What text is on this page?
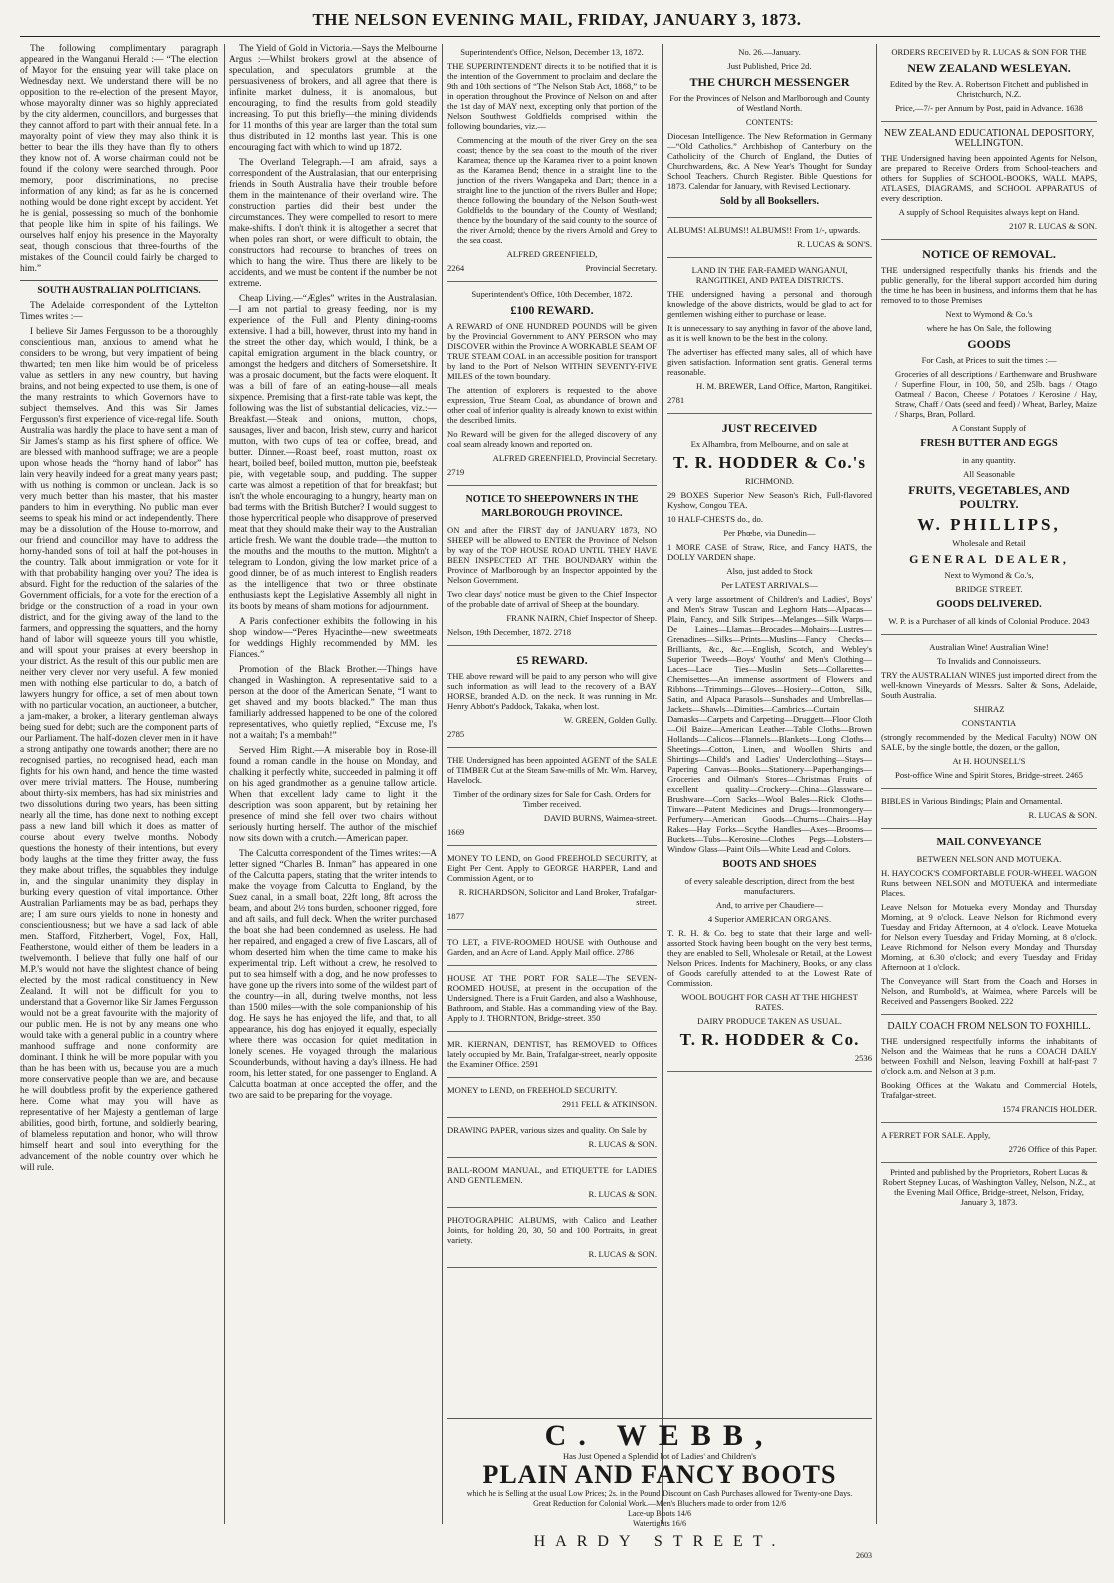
THE NELSON EVENING MAIL, FRIDAY, JANUARY 3, 1873.

The following complimentary paragraph appeared in the Wanganui Herald :— “The election of Mayor for the ensuing year will take place on Wednesday next. We understand there will be no opposition to the re-election of the present Mayor, whose mayoralty dinner was so highly appreciated by the city aldermen, councillors, and burgesses that they cannot afford to part with their annual fete. In a mayoralty point of view they may also think it is better to bear the ills they have than fly to others they know not of. A worse chairman could not be found if the colony were searched through. Poor memory, poor discriminations, no precise information of any kind; as far as he is concerned nothing would be done right except by accident. Yet he is genial, possessing so much of the bonhomie that people like him in spite of his failings. We ourselves half enjoy his presence in the Mayoralty seat, though conscious that three-fourths of the mistakes of the Council could fairly be charged to him.”

SOUTH AUSTRALIAN POLITICIANS.

The Adelaide correspondent of the Lyttelton Times writes :—

I believe Sir James Fergusson to be a thoroughly conscientious man, anxious to amend what he considers to be wrong, but very impatient of being thwarted; ten men like him would be of priceless value as settlers in any new country, but having brains, and not being expected to use them, is one of the many restraints to which Governors have to subject themselves. And this was Sir James Fergusson's first experience of vice-regal life. South Australia was hardly the place to have sent a man of Sir James's stamp as his first sphere of office. We are blessed with manhood suffrage; we are a people upon whose heads the “horny hand of labor” has lain very heavily indeed for a great many years past; with us nothing is common or unclean. Jack is so very much better than his master, that his master panders to him in everything. No public man ever seems to speak his mind or act independently. There may be a dissolution of the House to-morrow, and our friend and councillor may have to address the horny-handed sons of toil at half the pot-houses in the country. Talk about immigration or vote for it with that probability hanging over you? The idea is absurd. Fight for the reduction of the salaries of the Government officials, for a vote for the erection of a bridge or the construction of a road in your own district, and for the giving away of the land to the farmers, and oppressing the squatters, and the horny hand of labor will squeeze yours till you whistle, and will spout your praises at every beershop in your district. As the result of this our public men are neither very clever nor very useful. A few monied men with nothing else particular to do, a batch of lawyers hungry for office, a set of men about town with no particular vocation, an auctioneer, a butcher, a jam-maker, a broker, a literary gentleman always being sued for debt; such are the component parts of our Parliament. The half-dozen clever men in it have a strong antipathy one towards another; there are no recognised parties, no recognised head, each man fights for his own hand, and hence the time wasted over mere trivial matters. The House, numbering about thirty-six members, has had six ministries and two dissolutions during two years, has been sitting nearly all the time, has done next to nothing except pass a new land bill which it does as matter of course about every twelve months. Nobody questions the honesty of their intentions, but every body laughs at the time they fritter away, the fuss they make about trifles, the squabbles they indulge in, and the singular unanimity they display in burking every question of vital importance. Other Australian Parliaments may be as bad, perhaps they are; I am sure ours yields to none in honesty and conscientiousness; but we have a sad lack of able men. Stafford, Fitzherbert, Vogel, Fox, Hall, Featherstone, would either of them be leaders in a twelvemonth. I believe that fully one half of our M.P.'s would not have the slightest chance of being elected by the most radical constituency in New Zealand. It will not be difficult for you to understand that a Governor like Sir James Fergusson would not be a great favourite with the majority of our public men. He is not by any means one who would take with a general public in a country where manhood suffrage and none conformity are dominant. I think he will be more popular with you than he has been with us, because you are a much more conservative people than we are, and because he will doubtless profit by the experience gathered here. Come what may you will have as representative of her Majesty a gentleman of large abilities, good birth, fortune, and soldierly bearing, of blameless reputation and honor, who will throw himself heart and soul into everything for the advancement of the noble country over which he will rule.

The Yield of Gold in Victoria.—Says the Melbourne Argus :—Whilst brokers growl at the absence of speculation, and speculators grumble at the persuasiveness of brokers, and all agree that there is infinite market dulness, it is anomalous, but encouraging, to find the results from gold steadily increasing. To put this briefly—the mining dividends for 11 months of this year are larger than the total sum thus distributed in 12 months last year. This is one encouraging fact with which to wind up 1872.

The Overland Telegraph.—I am afraid, says a correspondent of the Australasian, that our enterprising friends in South Australia have their trouble before them in the maintenance of their overland wire. The construction parties did their best under the circumstances. They were compelled to resort to mere make-shifts. I don't think it is altogether a secret that when poles ran short, or were difficult to obtain, the constructors had recourse to branches of trees on which to hang the wire. Thus there are likely to be accidents, and we must be content if the number be not extreme.

Cheap Living.—“Ægles” writes in the Australasian.—I am not partial to greasy feeding, nor is my experience of the Full and Plenty dining-rooms extensive. I had a bill, however, thrust into my hand in the street the other day, which would, I think, be a capital emigration argument in the black country, or amongst the hedgers and ditchers of Somersetshire. It was a prosaic document, but the facts were eloquent. It was a bill of fare of an eating-house—all meals sixpence. Premising that a first-rate table was kept, the following was the list of substantial delicacies, viz.:—Breakfast.—Steak and onions, mutton, chops, sausages, liver and bacon, Irish stew, curry and haricot mutton, with two cups of tea or coffee, bread, and butter. Dinner.—Roast beef, roast mutton, roast ox heart, boiled beef, boiled mutton, mutton pie, beefsteak pie, with vegetable soup, and pudding. The supper carte was almost a repetition of that for breakfast; but isn't the whole encouraging to a hungry, hearty man on bad terms with the British Butcher? I would suggest to those hypercritical people who disapprove of preserved meat that they should make their way to the Australian article fresh. We want the double trade—the mutton to the mouths and the mouths to the mutton. Mightn't a telegram to London, giving the low market price of a good dinner, be of as much interest to English readers as the intelligence that two or three obstinate enthusiasts kept the Legislative Assembly all night in its boots by means of sham motions for adjournment.

A Paris confectioner exhibits the following in his shop window—“Peres Hyacinthe—new sweetmeats for weddings Highly recommended by MM. les Fiances.”

Promotion of the Black Brother.—Things have changed in Washington. A representative said to a person at the door of the American Senate, “I want to get shaved and my boots blacked.” The man thus familiarly addressed happened to be one of the colored representatives, who quietly replied, “Excuse me, I's not a waitah; I's a membah!”

Served Him Right.—A miserable boy in Rose-ill found a roman candle in the house on Monday, and chalking it perfectly white, succeeded in palming it off on his aged grandmother as a genuine tallow article. When that excellent lady came to light it the description was soon apparent, but by retaining her presence of mind she fell over two chairs without seriously hurting herself. The author of the mischief now sits down with a crutch.—American paper.

The Calcutta correspondent of the Times writes:—A letter signed “Charles B. Inman” has appeared in one of the Calcutta papers, stating that the writer intends to make the voyage from Calcutta to England, by the Suez canal, in a small boat, 22ft long, 8ft across the beam, and about 2½ tons burden, schooner rigged, fore and aft sails, and full deck. When the writer purchased the boat she had been condemned as useless. He had her repaired, and engaged a crew of five Lascars, all of whom deserted him when the time came to make his experimental trip. Left without a crew, he resolved to put to sea himself with a dog, and he now professes to have gone up the rivers into some of the wildest part of the country—in all, during twelve months, not less than 1500 miles—with the sole companionship of his dog. He says he has enjoyed the life, and that, to all appearance, his dog has enjoyed it equally, especially where there was occasion for quiet meditation in lonely scenes. He voyaged through the malarious Scounderbunds, without having a day's illness. He had room, his letter stated, for one passenger to England. A Calcutta boatman at once accepted the offer, and the two are said to be preparing for the voyage.

Superintendent's Office, Nelson, December 13, 1872.

THE SUPERINTENDENT directs it to be notified that it is the intention of the Government to proclaim and declare the 9th and 10th sections of “The Nelson Stab Act, 1868,” to be in operation throughout the Province of Nelson on and after the 1st day of MAY next, excepting only that portion of the Nelson Southwest Goldfields comprised within the following boundaries, viz.—

Commencing at the mouth of the river Grey on the sea coast; thence by the sea coast to the mouth of the river Karamea; thence up the Karamea river to a point known as the Karamea Bend; thence in a straight line to the junction of the rivers Wangapeka and Dart; thence in a straight line to the junction of the rivers Buller and Hope; thence following the boundary of the Nelson South-west Goldfields to the boundary of the County of Westland; thence by the boundary of the said county to the source of the river Arnold; thence by the rivers Arnold and Grey to the sea coast.

ALFRED GREENFIELD,

2264	Provincial Secretary.

Superintendent's Office, 10th December, 1872.

£100 REWARD.

A REWARD of ONE HUNDRED POUNDS will be given by the Provincial Government to ANY PERSON who may DISCOVER within the Province A WORKABLE SEAM OF TRUE STEAM COAL in an accessible position for transport by land to the Port of Nelson WITHIN SEVENTY-FIVE MILES of the town boundary.

The attention of explorers is requested to the above expression, True Steam Coal, as abundance of brown and other coal of inferior quality is already known to exist within the described limits.

No Reward will be given for the alleged discovery of any coal seam already known and reported on.

ALFRED GREENFIELD, Provincial Secretary.

2719

NOTICE TO SHEEPOWNERS IN THE MARLBOROUGH PROVINCE.

ON and after the FIRST day of JANUARY 1873, NO SHEEP will be allowed to ENTER the Province of Nelson by way of the TOP HOUSE ROAD UNTIL THEY HAVE BEEN INSPECTED AT THE BOUNDARY within the Province of Marlborough by an Inspector appointed by the Nelson Government.

Two clear days' notice must be given to the Chief Inspector of the probable date of arrival of Sheep at the boundary.

FRANK NAIRN, Chief Inspector of Sheep.

Nelson, 19th December, 1872. 2718

£5 REWARD.

THE above reward will be paid to any person who will give such information as will lead to the recovery of a BAY HORSE, branded A.D. on the neck. It was running in Mr. Henry Abbott's Paddock, Takaka, when lost.

W. GREEN, Golden Gully.

2785

THE Undersigned has been appointed AGENT of the SALE of TIMBER Cut at the Steam Saw-mills of Mr. Wm. Harvey, Havelock.

Timber of the ordinary sizes for Sale for Cash. Orders for Timber received.

DAVID BURNS, Waimea-street.

1669

MONEY TO LEND, on Good FREEHOLD SECURITY, at Eight Per Cent. Apply to GEORGE HARPER, Land and Commission Agent, or to

R. RICHARDSON, Solicitor and Land Broker, Trafalgar-street.

1877

TO LET, a FIVE-ROOMED HOUSE with Outhouse and Garden, and an Acre of Land. Apply Mail office. 2786

HOUSE AT THE PORT FOR SALE—The SEVEN-ROOMED HOUSE, at present in the occupation of the Undersigned. There is a Fruit Garden, and also a Washhouse, Bathroom, and Stable. Has a commanding view of the Bay. Apply to J. THORNTON, Bridge-street. 350

MR. KIERNAN, DENTIST, has REMOVED to Offices lately occupied by Mr. Bain, Trafalgar-street, nearly opposite the Examiner Office. 2591

MONEY to LEND, on FREEHOLD SECURITY.

2911 FELL & ATKINSON.

DRAWING PAPER, various sizes and quality. On Sale by

R. LUCAS & SON.

BALL-ROOM MANUAL, and ETIQUETTE for LADIES AND GENTLEMEN.

R. LUCAS & SON.

PHOTOGRAPHIC ALBUMS, with Calico and Leather Joints, for holding 20, 30, 50 and 100 Portraits, in great variety.

R. LUCAS & SON.

No. 26.—January.

Just Published, Price 2d.

THE CHURCH MESSENGER

For the Provinces of Nelson and Marlborough and County of Westland North.

CONTENTS:

Diocesan Intelligence. The New Reformation in Germany—“Old Catholics.” Archbishop of Canterbury on the Catholicity of the Church of England, the Duties of Churchwardens, &c. A New Year's Thought for Sunday School Teachers. Church Register. Bible Questions for 1873. Calendar for January, with Revised Lectionary.

Sold by all Booksellers.

ALBUMS! ALBUMS!! ALBUMS!! From 1/-, upwards.

R. LUCAS & SON'S.

LAND IN THE FAR-FAMED WANGANUI, RANGITIKEI, AND PATEA DISTRICTS.

THE undersigned having a personal and thorough knowledge of the above districts, would be glad to act for gentlemen wishing either to purchase or lease.

It is unnecessary to say anything in favor of the above land, as it is well known to be the best in the colony.

The advertiser has effected many sales, all of which have given satisfaction. Information sent gratis. General terms reasonable.

H. M. BREWER, Land Office, Marton, Rangitikei.

2781

JUST RECEIVED

Ex Alhambra, from Melbourne, and on sale at

T. R. HODDER & Co.'s

RICHMOND.

29 BOXES Superior New Season's Rich, Full-flavored Kyshow, Congou TEA.

10 HALF-CHESTS do., do.

Per Phœbe, via Dunedin—

1 MORE CASE of Straw, Rice, and Fancy HATS, the DOLLY VARDEN shape.

Also, just added to Stock

Per LATEST ARRIVALS—

A very large assortment of Children's and Ladies', Boys' and Men's Straw Tuscan and Leghorn Hats—Alpacas—Plain, Fancy, and Silk Stripes—Melanges—Silk Warps—De Laines—Llamas—Brocades—Mohairs—Lustres—Grenadines—Silks—Prints—Muslins—Fancy Checks—Brilliants, &c., &c.—English, Scotch, and Webley's Superior Tweeds—Boys' Youths' and Men's Clothing—Laces—Lace Ties—Muslin Sets—Collarettes—Chemisettes—An immense assortment of Flowers and Ribbons—Trimmings—Gloves—Hosiery—Cotton, Silk, Satin, and Alpaca Parasols—Sunshades and Umbrellas—Jackets—Shawls—Dimities—Cambrics—Curtain Damasks—Carpets and Carpeting—Druggett—Floor Cloth—Oil Baize—American Leather—Table Cloths—Brown Hollands—Calicos—Flannels—Blankets—Long Cloths—Sheetings—Cotton, Linen, and Woollen Shirts and Shirtings—Child's and Ladies' Underclothing—Stays—Papering Canvas—Books—Stationery—Paperhangings—Groceries and Oilman's Stores—Christmas Fruits of excellent quality—Crockery—China—Glassware—Brushware—Corn Sacks—Wool Bales—Rick Cloths—Tinware—Patent Medicines and Drugs—Ironmongery—Perfumery—American Goods—Churns—Chairs—Hay Rakes—Hay Forks—Scythe Handles—Axes—Brooms—Buckets—Tubs—Kerosine—Clothes Pegs—Lobsters—Window Glass—Paint Oils—White Lead and Colors.

BOOTS AND SHOES

of every saleable description, direct from the best manufacturers.

And, to arrive per Chaudiere—

4 Superior AMERICAN ORGANS.

T. R. H. & Co. beg to state that their large and well-assorted Stock having been bought on the very best terms, they are enabled to Sell, Wholesale or Retail, at the Lowest Nelson Prices. Indents for Machinery, Books, or any class of Goods carefully attended to at the Lowest Rate of Commission.

WOOL BOUGHT FOR CASH AT THE HIGHEST RATES.

DAIRY PRODUCE TAKEN AS USUAL.

T. R. HODDER & Co.

2536

ORDERS RECEIVED by R. LUCAS & SON FOR THE

NEW ZEALAND WESLEYAN.

Edited by the Rev. A. Robertson Fitchett and published in Christchurch, N.Z.

Price,—7/- per Annum by Post, paid in Advance. 1638

NEW ZEALAND EDUCATIONAL DEPOSITORY, WELLINGTON.

THE Undersigned having been appointed Agents for Nelson, are prepared to Receive Orders from School-teachers and others for Supplies of SCHOOL-BOOKS, WALL MAPS, ATLASES, DIAGRAMS, and SCHOOL APPARATUS of every description.

A supply of School Requisites always kept on Hand.

2107 R. LUCAS & SON.

NOTICE OF REMOVAL.

THE undersigned respectfully thanks his friends and the public generally, for the liberal support accorded him during the time he has been in business, and informs them that he has removed to to those Premises

Next to Wymond & Co.'s

where he has On Sale, the following

GOODS

For Cash, at Prices to suit the times :—

Groceries of all descriptions / Earthenware and Brushware / Superfine Flour, in 100, 50, and 25lb. bags / Otago Oatmeal / Bacon, Cheese / Potatoes / Kerosine / Hay, Straw, Chaff / Oats (seed and feed) / Wheat, Barley, Maize / Sharps, Bran, Pollard.

A Constant Supply of

FRESH BUTTER AND EGGS

in any quantity.

All Seasonable

FRUITS, VEGETABLES, AND POULTRY.

W. PHILLIPS,

Wholesale and Retail

GENERAL DEALER,

Next to Wymond & Co.'s,

BRIDGE STREET.

GOODS DELIVERED.

W. P. is a Purchaser of all kinds of Colonial Produce. 2043

Australian Wine! Australian Wine!

To Invalids and Connoisseurs.

TRY the AUSTRALIAN WINES just imported direct from the well-known Vineyards of Messrs. Salter & Sons, Adelaide, South Australia.

SHIRAZ

CONSTANTIA

(strongly recommended by the Medical Faculty) NOW ON SALE, by the single bottle, the dozen, or the gallon,

At H. HOUNSELL'S

Post-office Wine and Spirit Stores, Bridge-street. 2465

BIBLES in Various Bindings; Plain and Ornamental.

R. LUCAS & SON.

MAIL CONVEYANCE

BETWEEN NELSON AND MOTUEKA.

H. HAYCOCK'S COMFORTABLE FOUR-WHEEL WAGON Runs between NELSON and MOTUEKA and intermediate Places.

Leave Nelson for Motueka every Monday and Thursday Morning, at 9 o'clock. Leave Nelson for Richmond every Tuesday and Friday Afternoon, at 4 o'clock. Leave Motueka for Nelson every Tuesday and Friday Morning, at 8 o'clock. Leave Richmond for Nelson every Monday and Thursday Morning, at 6.30 o'clock; and every Tuesday and Friday Afternoon at 1 o'clock.

The Conveyance will Start from the Coach and Horses in Nelson, and Rumbold's, at Waimea, where Parcels will be Received and Passengers Booked. 222

DAILY COACH FROM NELSON TO FOXHILL.

THE undersigned respectfully informs the inhabitants of Nelson and the Waimeas that he runs a COACH DAILY between Foxhill and Nelson, leaving Foxhill at half-past 7 o'clock a.m. and Nelson at 3 p.m.

Booking Offices at the Wakatu and Commercial Hotels, Trafalgar-street.

1574 FRANCIS HOLDER.

A FERRET FOR SALE. Apply,

2726 Office of this Paper.

Printed and published by the Proprietors, Robert Lucas & Robert Stepney Lucas, of Washington Valley, Nelson, N.Z., at the Evening Mail Office, Bridge-street, Nelson, Friday, January 3, 1873.

C. WEBB,
Has Just Opened a Splendid lot of Ladies' and Children's
PLAIN AND FANCY BOOTS
which he is Selling at the usual Low Prices; 2s. in the Pound Discount on Cash Purchases allowed for Twenty-one Days.
Great Reduction for Colonial Work.—Men's Bluchers made to order from 12/6
Lace-up Boots 14/6
Watertights 16/6
HARDY STREET.
2603
